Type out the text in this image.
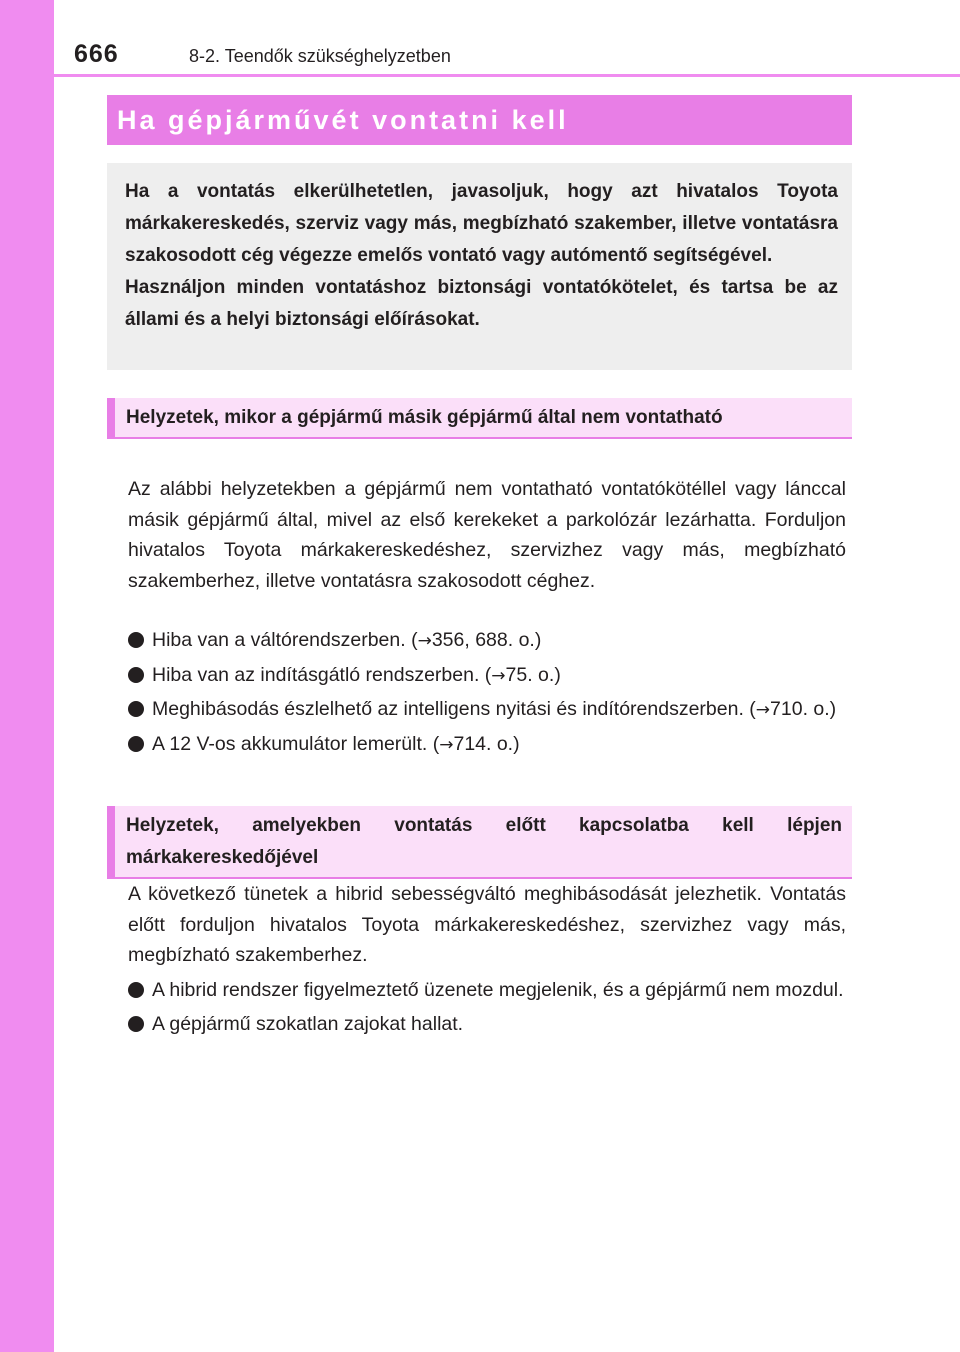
666	8-2. Teendők szükséghelyzetben
Ha gépjárművét vontatni kell

Ha a vontatás elkerülhetetlen, javasoljuk, hogy azt hivatalos Toyota márkakereskedés, szerviz vagy más, megbízható szakember, illetve vontatásra szakosodott cég végezze emelős vontató vagy autómentő segítségével.

Használjon minden vontatáshoz biztonsági vontatókötelet, és tartsa be az állami és a helyi biztonsági előírásokat.

Helyzetek, mikor a gépjármű másik gépjármű által nem vontatható

Az alábbi helyzetekben a gépjármű nem vontatható vontatókötéllel vagy lánccal másik gépjármű által, mivel az első kerekeket a parkolózár lezárhatta. Forduljon hivatalos Toyota márkakereskedéshez, szervizhez vagy más, megbízható szakemberhez, illetve vontatásra szakosodott céghez.

Hiba van a váltórendszerben. (→356, 688. o.)
Hiba van az indításgátló rendszerben. (→75. o.)
Meghibásodás észlelhető az intelligens nyitási és indítórendszerben. (→710. o.)
A 12 V-os akkumulátor lemerült. (→714. o.)
Helyzetek, amelyekben vontatás előtt kapcsolatba kell lépjen márkakereskedőjével

A következő tünetek a hibrid sebességváltó meghibásodását jelezhetik. Vontatás előtt forduljon hivatalos Toyota márkakereskedéshez, szervizhez vagy más, megbízható szakemberhez.

A hibrid rendszer figyelmeztető üzenete megjelenik, és a gépjármű nem mozdul.
A gépjármű szokatlan zajokat hallat.
